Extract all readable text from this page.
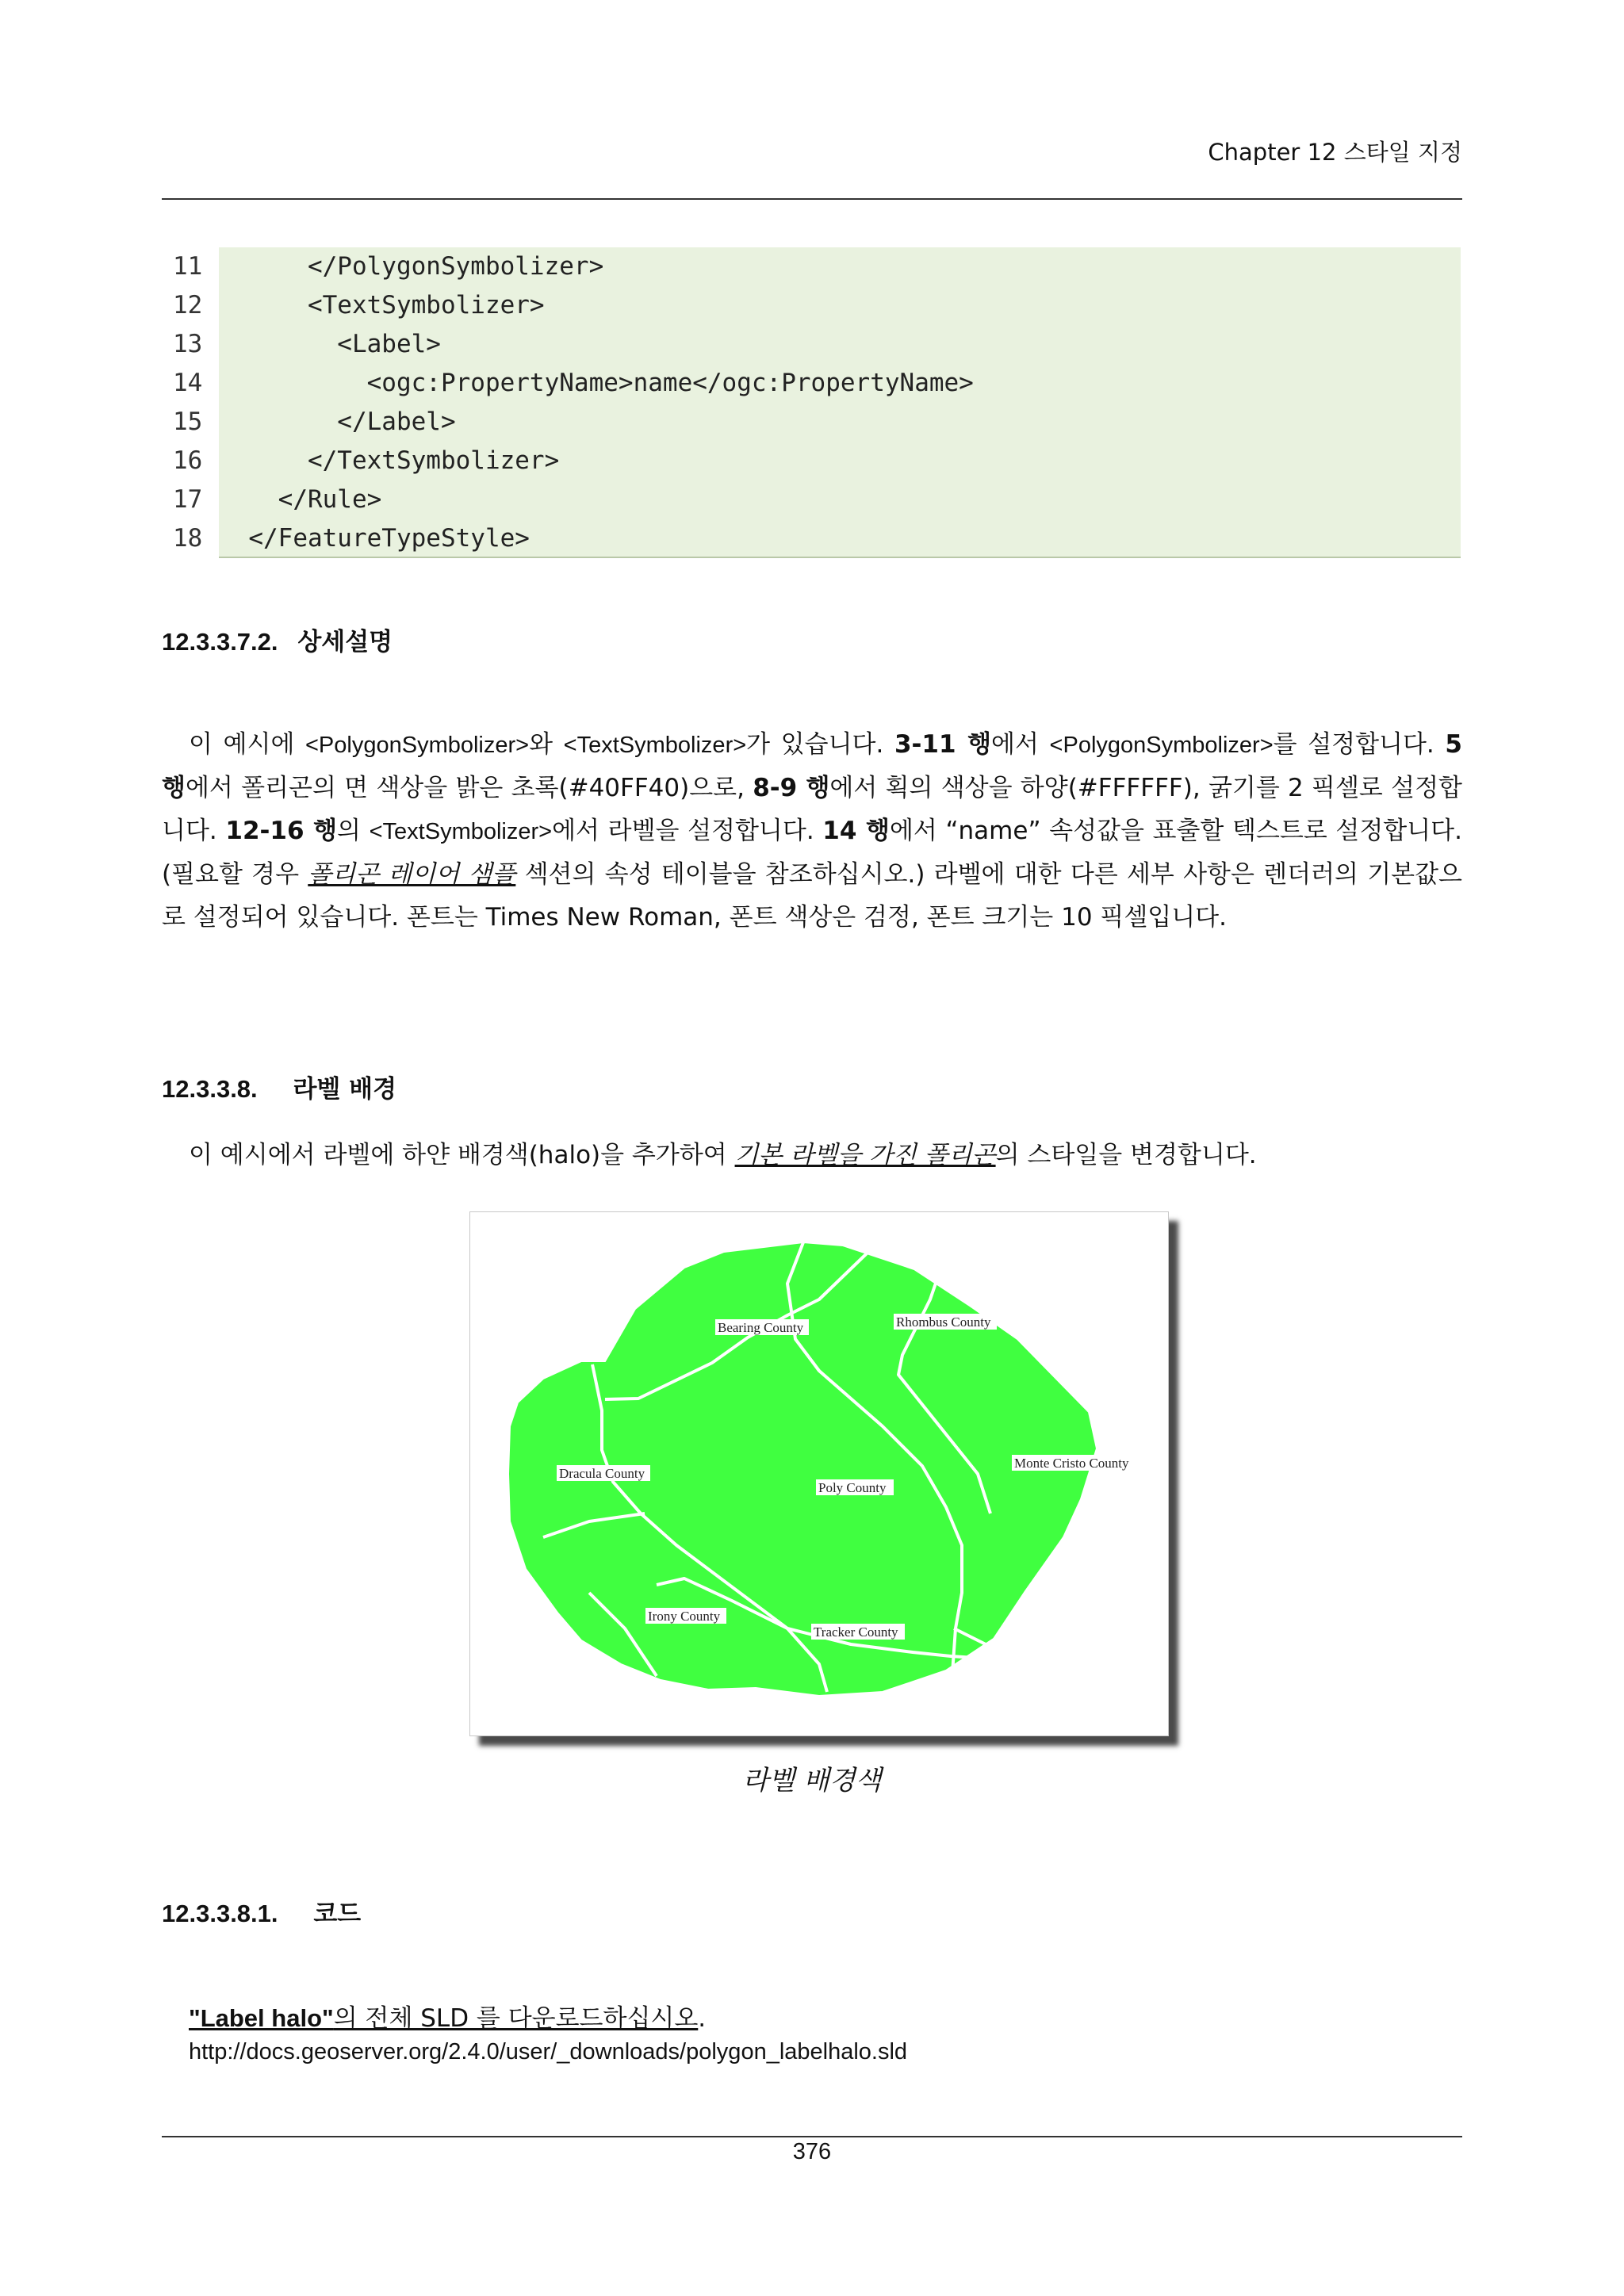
Chapter 12 스타일 지정
11 </PolygonSymbolizer>
12 <TextSymbolizer>
13 <Label>
14 <ogc:PropertyName>name</ogc:PropertyName>
15 </Label>
16 </TextSymbolizer>
17 </Rule>
18 </FeatureTypeStyle>
12.3.3.7.2. 상세설명
이 예시에 <PolygonSymbolizer>와 <TextSymbolizer>가 있습니다. 3-11 행에서 <PolygonSymbolizer>를 설정합니다. 5 행에서 폴리곤의 면 색상을 밝은 초록(#40FF40)으로, 8-9 행에서 획의 색상을 하양(#FFFFFF), 굵기를 2 픽셀로 설정합니다. 12-16 행의 <TextSymbolizer>에서 라벨을 설정합니다. 14 행에서 “name” 속성값을 표출할 텍스트로 설정합니다. (필요할 경우 폴리곤 레이어 샘플 섹션의 속성 테이블을 참조하십시오.) 라벨에 대한 다른 세부 사항은 렌더러의 기본값으로 설정되어 있습니다. 폰트는 Times New Roman, 폰트 색상은 검정, 폰트 크기는 10 픽셀입니다.
12.3.3.8. 라벨 배경
이 예시에서 라벨에 하얀 배경색(halo)을 추가하여 기본 라벨을 가진 폴리곤의 스타일을 변경합니다.
Bearing County	Rhombus County
Dracula County
Poly County
Monte Cristo County
Irony County
Tracker County
라벨 배경색
12.3.3.8.1. 코드
"Label halo"의 전체 SLD 를 다운로드하십시오.
http://docs.geoserver.org/2.4.0/user/_downloads/polygon_labelhalo.sld
376
